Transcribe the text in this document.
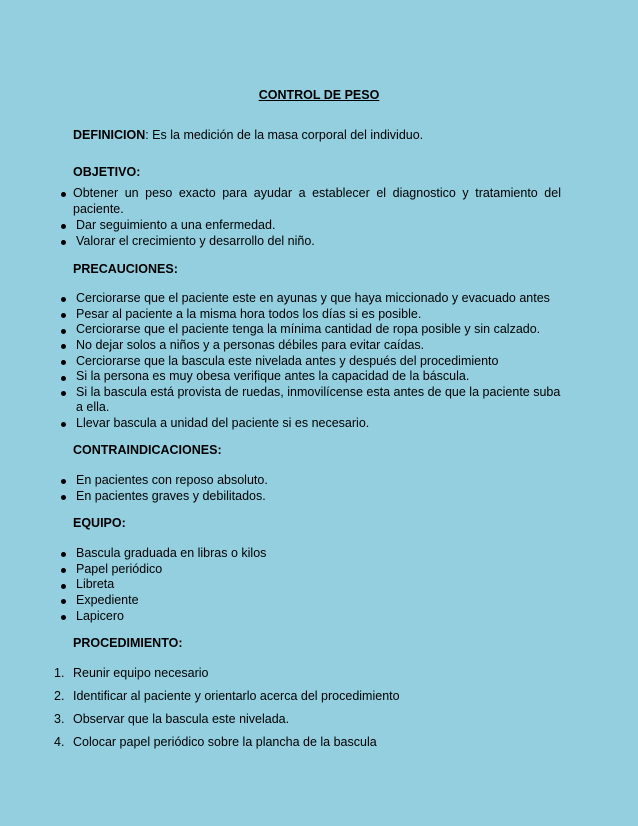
CONTROL DE PESO
DEFINICION: Es la medición de la masa corporal del individuo.
OBJETIVO:
Obtener un peso exacto para ayudar a establecer el diagnostico y tratamiento del
paciente.
Dar seguimiento a una enfermedad.
Valorar el crecimiento y desarrollo del niño.
PRECAUCIONES:
Cerciorarse que el paciente este en ayunas y que haya miccionado y evacuado antes
Pesar al paciente a la misma hora todos los días si es posible.
Cerciorarse que el paciente tenga la mínima cantidad de ropa posible y sin calzado.
No dejar solos a niños y a personas débiles para evitar caídas.
Cerciorarse que la bascula este nivelada antes y después del procedimiento
Si la persona es muy obesa verifique antes la capacidad de la báscula.
Si la bascula está provista de ruedas, inmovilícense esta antes de que la paciente suba
a ella.
Llevar bascula a unidad del paciente si es necesario.
CONTRAINDICACIONES:
En pacientes con reposo absoluto.
En pacientes graves y debilitados.
EQUIPO:
Bascula graduada en libras o kilos
Papel periódico
Libreta
Expediente
Lapicero
PROCEDIMIENTO:
1. Reunir equipo necesario
2. Identificar al paciente y orientarlo acerca del procedimiento
3. Observar que la bascula este nivelada.
4. Colocar papel periódico sobre la plancha de la bascula
